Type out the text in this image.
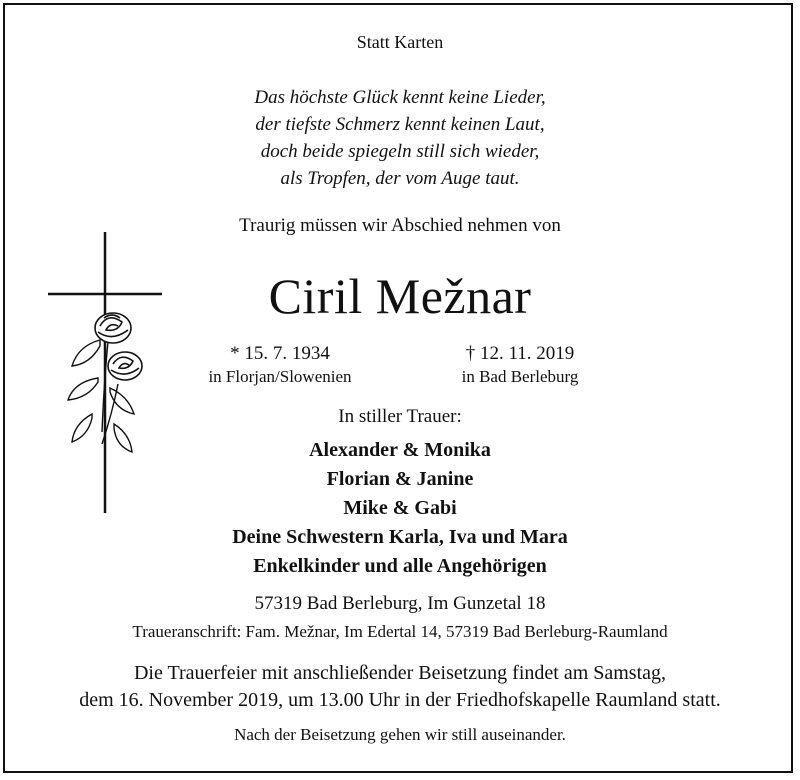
Statt Karten
Das höchste Glück kennt keine Lieder,
der tiefste Schmerz kennt keinen Laut,
doch beide spiegeln still sich wieder,
als Tropfen, der vom Auge taut.
Traurig müssen wir Abschied nehmen von
Ciril Mežnar
* 15. 7. 1934
in Florjan/Slowenien
† 12. 11. 2019
in Bad Berleburg
In stiller Trauer:
Alexander & Monika
Florian & Janine
Mike & Gabi
Deine Schwestern Karla, Iva und Mara
Enkelkinder und alle Angehörigen
57319 Bad Berleburg, Im Gunzetal 18
Traueranschrift: Fam. Mežnar, Im Edertal 14, 57319 Bad Berleburg-Raumland
Die Trauerfeier mit anschließender Beisetzung findet am Samstag,
dem 16. November 2019, um 13.00 Uhr in der Friedhofskapelle Raumland statt.
Nach der Beisetzung gehen wir still auseinander.
